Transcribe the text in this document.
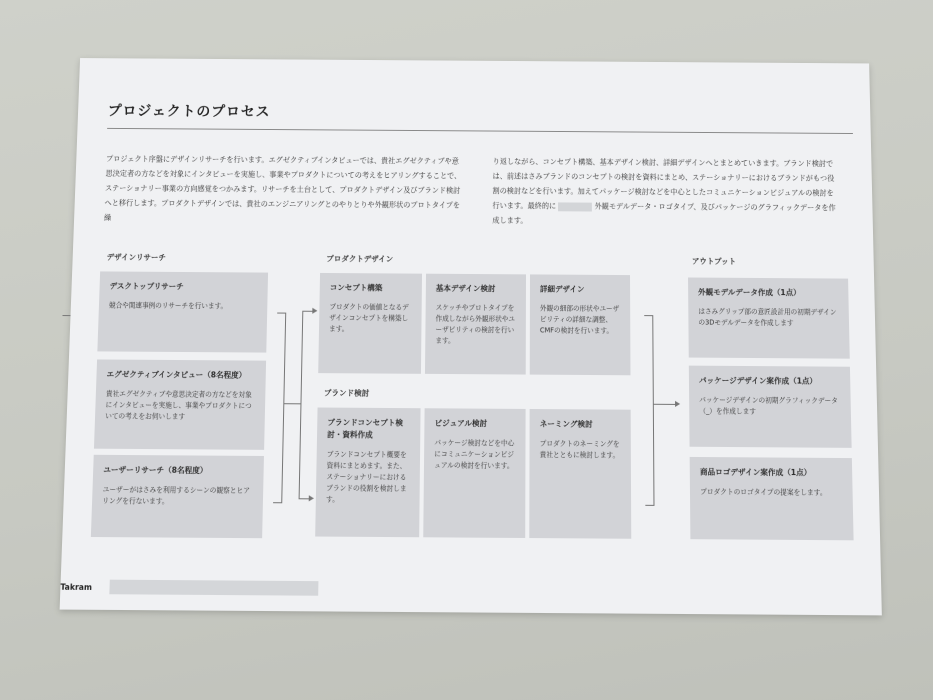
プロジェクトのプロセス
プロジェクト序盤にデザインリサーチを行います。エグゼクティブインタビューでは、貴社エグゼクティブや意思決定者の方などを対象にインタビューを実施し、事業やプロダクトについての考えをヒアリングすることで、ステーショナリー事業の方向感覚をつかみます。リサーチを土台として、プロダクトデザイン及びブランド検討へと移行します。プロダクトデザインでは、貴社のエンジニアリングとのやりとりや外観形状のプロトタイプを繰
り返しながら、コンセプト構築、基本デザイン検討、詳細デザインへとまとめていきます。ブランド検討では、前述はさみブランドのコンセプトの検討を資料にまとめ、ステーショナリーにおけるブランドがもつ役割の検討などを行います。加えてパッケージ検討などを中心としたコミュニケーションビジュアルの検討を行います。最終的に	外観モデルデータ・ロゴタイプ、及びパッケージのグラフィックデータを作成します。
デザインリサーチ
デスクトップリサーチ
競合や関連事例のリサーチを行います。
エグゼクティブインタビュー（8名程度）
貴社エグゼクティブや意思決定者の方などを対象にインタビューを実施し、事業やプロダクトについての考えをお伺いします
ユーザーリサーチ（8名程度）
ユーザーがはさみを利用するシーンの観察とヒアリングを行ないます。
プロダクトデザイン
コンセプト構築
プロダクトの価値となるデザインコンセプトを構築します。
基本デザイン検討
スケッチやプロトタイプを作成しながら外観形状やユーザビリティの検討を行います。
詳細デザイン
外観の細部の形状やユーザビリティの詳細な調整、CMFの検討を行います。
ブランド検討
ブランドコンセプト検討・資料作成
ブランドコンセプト概要を資料にまとめます。また、ステーショナリーにおけるブランドの役割を検討します。
ビジュアル検討
パッケージ検討などを中心にコミュニケーションビジュアルの検討を行います。
ネーミング検討
プロダクトのネーミングを貴社とともに検討します。
アウトプット
外観モデルデータ作成（1点）
はさみグリップ部の意匠設計用の初期デザインの3Dモデルデータを作成します
パッケージデザイン案作成（1点）
パッケージデザインの初期グラフィックデータ（_）を作成します
商品ロゴデザイン案作成（1点）
プロダクトのロゴタイプの提案をします。
Takram
